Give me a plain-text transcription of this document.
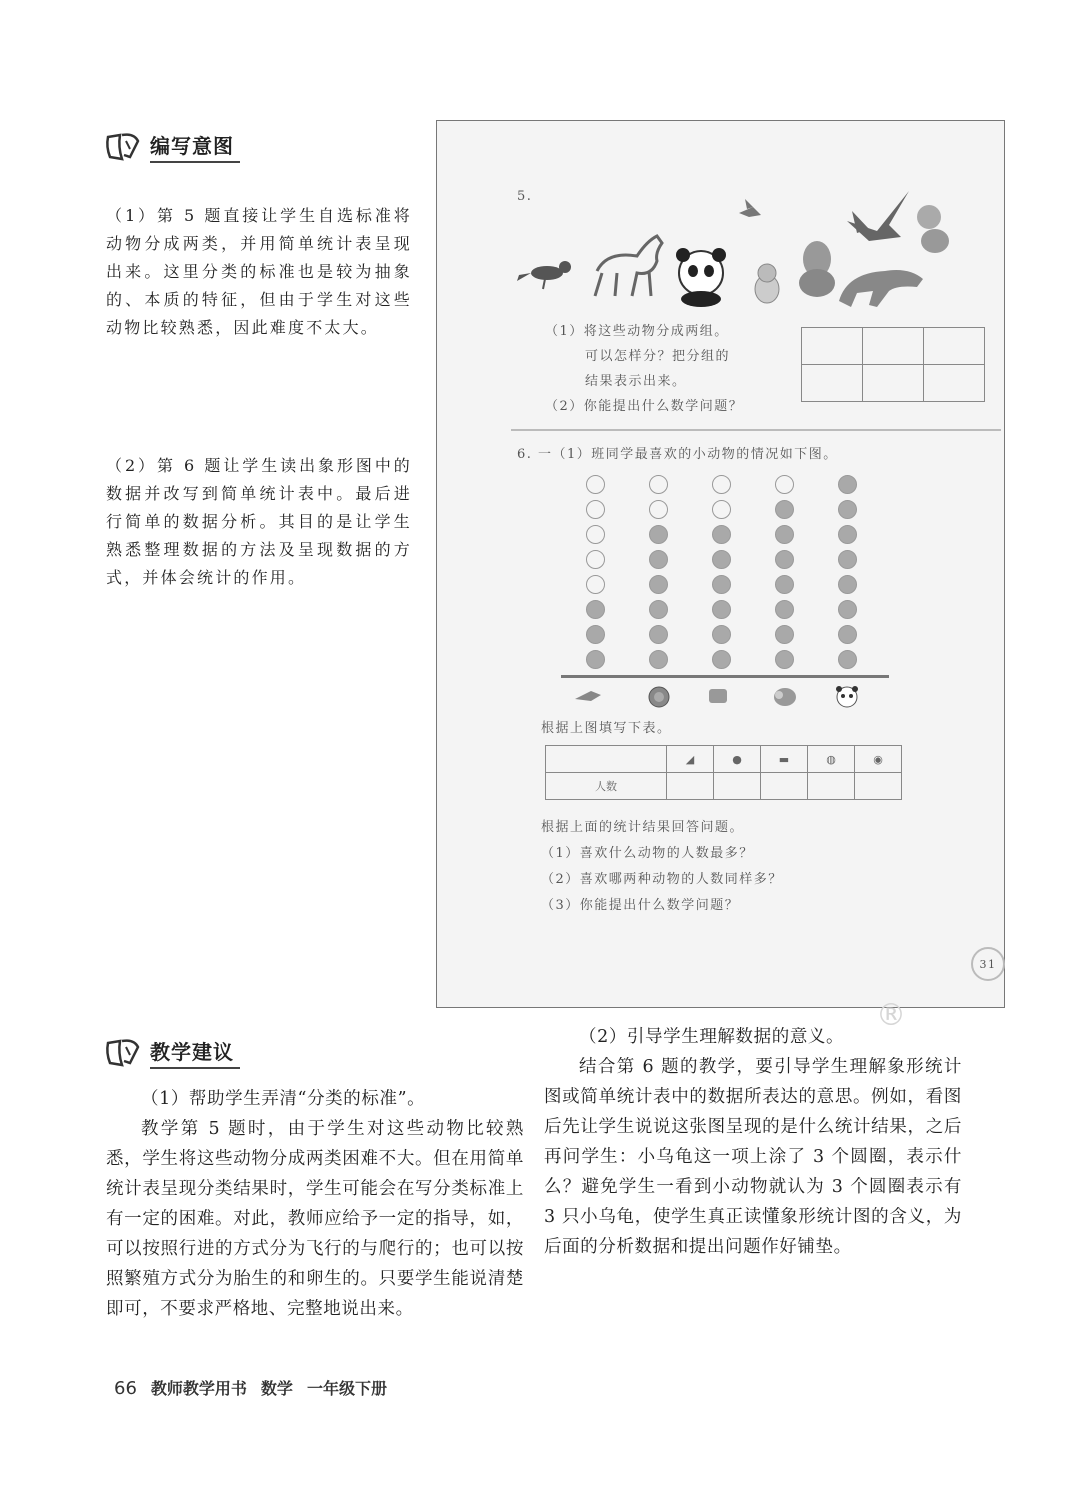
编写意图

（1）第 5 题直接让学生自选标准将动物分成两类，并用简单统计表呈现出来。这里分类的标准也是较为抽象的、本质的特征，但由于学生对这些动物比较熟悉，因此难度不太大。

（2）第 6 题让学生读出象形图中的数据并改写到简单统计表中。最后进行简单的数据分析。其目的是让学生熟悉整理数据的方法及呈现数据的方式，并体会统计的作用。

5.
（1）将这些动物分成两组。
可以怎样分？把分组的
结果表示出来。
（2）你能提出什么数学问题？

6. 一（1）班同学最喜欢的小动物的情况如下图。
根据上图填写下表。
	◢	●	▬	◍	◉
人数					
根据上面的统计结果回答问题。
（1）喜欢什么动物的人数最多？
（2）喜欢哪两种动物的人数同样多？
（3）你能提出什么数学问题？
31
®
教学建议

（1）帮助学生弄清“分类的标准”。

教学第 5 题时，由于学生对这些动物比较熟悉，学生将这些动物分成两类困难不大。但在用简单统计表呈现分类结果时，学生可能会在写分类标准上有一定的困难。对此，教师应给予一定的指导，如，可以按照行进的方式分为飞行的与爬行的；也可以按照繁殖方式分为胎生的和卵生的。只要学生能说清楚即可，不要求严格地、完整地说出来。

（2）引导学生理解数据的意义。

结合第 6 题的教学，要引导学生理解象形统计图或简单统计表中的数据所表达的意思。例如，看图后先让学生说说这张图呈现的是什么统计结果，之后再问学生：小乌龟这一项上涂了 3 个圆圈，表示什么？避免学生一看到小动物就认为 3 个圆圈表示有 3 只小乌龟，使学生真正读懂象形统计图的含义，为后面的分析数据和提出问题作好铺垫。

66 教师教学用书 数学 一年级下册
